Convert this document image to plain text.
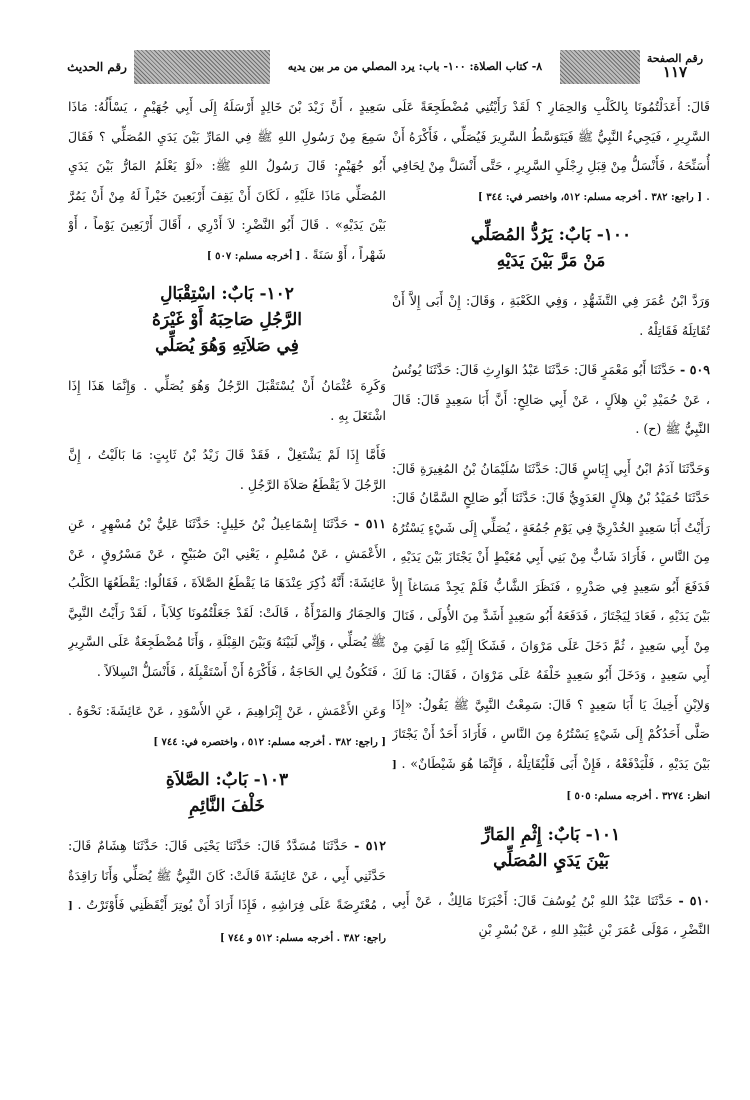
رقم الصفحة
١١٧
٨- كتاب الصلاة: ١٠٠- باب: يرد المصلي من مر بين يديه
رقم الحديث

قَالَ: أَعَدَلْتُمُونَا بِالكَلْبِ وَالحِمَارِ ؟ لَقَدْ رَأَيْتُنِي مُضْطَجِعَةً عَلَى السَّرِيرِ ، فَيَجِيءُ النَّبِيُّ ﷺ فَيَتَوَسَّطُ السَّرِيرَ فَيُصَلِّي ، فَأَكْرَهُ أَنْ أُسَنِّحَهُ ، فَأَنْسَلُّ مِنْ قِبَلِ رِجْلَيِ السَّرِيرِ ، حَتَّى أَنْسَلَّ مِنْ لِحَافِي . [ راجع: ٣٨٢ . أخرجه مسلم: ٥١٢، واختصر في: ٣٤٤ ]

١٠٠- بَابٌ: يَرُدُّ المُصَلِّي
مَنْ مَرَّ بَيْنَ يَدَيْهِ

وَرَدَّ ابْنُ عُمَرَ فِي التَّشَهُّدِ ، وَفِي الكَعْبَةِ ، وَقَالَ: إِنْ أَبَى إِلاَّ أَنْ تُقَاتِلَهُ فَقَاتِلْهُ .

٥٠٩ - حَدَّثَنَا أَبُو مَعْمَرٍ قَالَ: حَدَّثَنَا عَبْدُ الوَارِثِ قَالَ: حَدَّثَنَا يُونُسُ ، عَنْ حُمَيْدِ بْنِ هِلاَلٍ ، عَنْ أَبِي صَالِحٍ: أَنَّ أَبَا سَعِيدٍ قَالَ: قَالَ النَّبِيُّ ﷺ (ح) .

وَحَدَّثَنَا آدَمُ ابْنُ أَبِي إِيَاسٍ قَالَ: حَدَّثَنَا سُلَيْمَانُ بْنُ المُغِيرَةِ قَالَ: حَدَّثَنَا حُمَيْدُ بْنُ هِلاَلٍ العَدَوِيُّ قَالَ: حَدَّثَنَا أَبُو صَالِحٍ السَّمَّانُ قَالَ: رَأَيْتُ أَبَا سَعِيدٍ الخُدْرِيَّ فِي يَوْمِ جُمُعَةٍ ، يُصَلِّي إِلَى شَيْءٍ يَسْتُرُهُ مِنَ النَّاسِ ، فَأَرَادَ شَابٌّ مِنْ بَنِي أَبِي مُعَيْطٍ أَنْ يَجْتَازَ بَيْنَ يَدَيْهِ ، فَدَفَعَ أَبُو سَعِيدٍ فِي صَدْرِهِ ، فَنَظَرَ الشَّابُّ فَلَمْ يَجِدْ مَسَاغاً إِلاَّ بَيْنَ يَدَيْهِ ، فَعَادَ لِيَجْتَازَ ، فَدَفَعَهُ أَبُو سَعِيدٍ أَشَدَّ مِنَ الأُولَى ، فَنَالَ مِنْ أَبِي سَعِيدٍ ، ثُمَّ دَخَلَ عَلَى مَرْوَانَ ، فَشَكَا إِلَيْهِ مَا لَقِيَ مِنْ أَبِي سَعِيدٍ ، وَدَخَلَ أَبُو سَعِيدٍ خَلْفَهُ عَلَى مَرْوَانَ ، فَقَالَ: مَا لَكَ وَلاِبْنِ أَخِيكَ يَا أَبَا سَعِيدٍ ؟ قَالَ: سَمِعْتُ النَّبِيَّ ﷺ يَقُولُ: «إِذَا صَلَّى أَحَدُكُمْ إِلَى شَيْءٍ يَسْتُرُهُ مِنَ النَّاسِ ، فَأَرَادَ أَحَدٌ أَنْ يَجْتَازَ بَيْنَ يَدَيْهِ ، فَلْيَدْفَعْهُ ، فَإِنْ أَبَى فَلْيُقَاتِلْهُ ، فَإِنَّمَا هُوَ شَيْطَانٌ» . [ انظر: ٣٢٧٤ . أخرجه مسلم: ٥٠٥ ]

١٠١- بَابٌ: إِثْمِ المَارِّ
بَيْنَ يَدَيِ المُصَلِّي

٥١٠ - حَدَّثَنَا عَبْدُ اللهِ بْنُ يُوسُفَ قَالَ: أَخْبَرَنَا مَالِكٌ ، عَنْ أَبِي النَّضْرِ ، مَوْلَى عُمَرَ بْنِ عُبَيْدِ اللهِ ، عَنْ بُسْرِ بْنِ

سَعِيدٍ ، أَنَّ زَيْدَ بْنَ خَالِدٍ أَرْسَلَهُ إِلَى أَبِي جُهَيْمٍ ، يَسْأَلُهُ: مَاذَا سَمِعَ مِنْ رَسُولِ اللهِ ﷺ فِي المَارِّ بَيْنَ يَدَيِ المُصَلِّي ؟ فَقَالَ أَبُو جُهَيْمٍ: قَالَ رَسُولُ اللهِ ﷺ: «لَوْ يَعْلَمُ المَارُّ بَيْنَ يَدَيِ المُصَلِّي مَاذَا عَلَيْهِ ، لَكَانَ أَنْ يَقِفَ أَرْبَعِينَ خَيْراً لَهُ مِنْ أَنْ يَمُرَّ بَيْنَ يَدَيْهِ» . قَالَ أَبُو النَّضْرِ: لاَ أَدْرِي ، أَقَالَ أَرْبَعِينَ يَوْماً ، أَوْ شَهْراً ، أَوْ سَنَةً . [ أخرجه مسلم: ٥٠٧ ]

١٠٢- بَابٌ: اسْتِقْبَالِ
الرَّجُلِ صَاحِبَهُ أَوْ غَيْرَهُ
فِي صَلاَتِهِ وَهُوَ يُصَلِّي

وَكَرِهَ عُثْمَانُ أَنْ يُسْتَقْبَلَ الرَّجُلُ وَهُوَ يُصَلِّي . وَإِنَّمَا هَذَا إِذَا اشْتَغَلَ بِهِ .

فَأَمَّا إِذَا لَمْ يَشْتَغِلْ ، فَقَدْ قَالَ زَيْدُ بْنُ ثَابِتٍ: مَا بَالَيْتُ ، إِنَّ الرَّجُلَ لاَ يَقْطَعُ صَلاَةَ الرَّجُلِ .

٥١١ - حَدَّثَنَا إِسْمَاعِيلُ بْنُ خَلِيلٍ: حَدَّثَنَا عَلِيُّ بْنُ مُسْهِرٍ ، عَنِ الأَعْمَشِ ، عَنْ مُسْلِمٍ ، يَعْنِي ابْنَ صُبَيْحٍ ، عَنْ مَسْرُوقٍ ، عَنْ عَائِشَةَ: أَنَّهُ ذُكِرَ عِنْدَهَا مَا يَقْطَعُ الصَّلاَةَ ، فَقَالُوا: يَقْطَعُهَا الكَلْبُ وَالحِمَارُ وَالمَرْأَةُ ، قَالَتْ: لَقَدْ جَعَلْتُمُونَا كِلاَباً ، لَقَدْ رَأَيْتُ النَّبِيَّ ﷺ يُصَلِّي ، وَإِنِّي لَبَيْنَهُ وَبَيْنَ القِبْلَةِ ، وَأَنَا مُضْطَجِعَةٌ عَلَى السَّرِيرِ ، فَتَكُونُ لِي الحَاجَةُ ، فَأَكْرَهُ أَنْ أَسْتَقْبِلَهُ ، فَأَنْسَلُّ انْسِلاَلاً .

وَعَنِ الأَعْمَشِ ، عَنْ إِبْرَاهِيمَ ، عَنِ الأَسْوَدِ ، عَنْ عَائِشَةَ: نَحْوَهُ . [ راجع: ٣٨٢ . أخرجه مسلم: ٥١٢ ، واختصره في: ٧٤٤ ]

١٠٣- بَابٌ: الصَّلاَةِ
خَلْفَ النَّائِمِ

٥١٢ - حَدَّثَنَا مُسَدَّدٌ قَالَ: حَدَّثَنَا يَحْيَى قَالَ: حَدَّثَنَا هِشَامٌ قَالَ: حَدَّثَنِي أَبِي ، عَنْ عَائِشَةَ قَالَتْ: كَانَ النَّبِيُّ ﷺ يُصَلِّي وَأَنَا رَاقِدَةٌ ، مُعْتَرِضَةً عَلَى فِرَاشِهِ ، فَإِذَا أَرَادَ أَنْ يُوتِرَ أَيْقَظَنِي فَأَوْتَرْتُ . [ راجع: ٣٨٢ . أخرجه مسلم: ٥١٢ و ٧٤٤ ]
